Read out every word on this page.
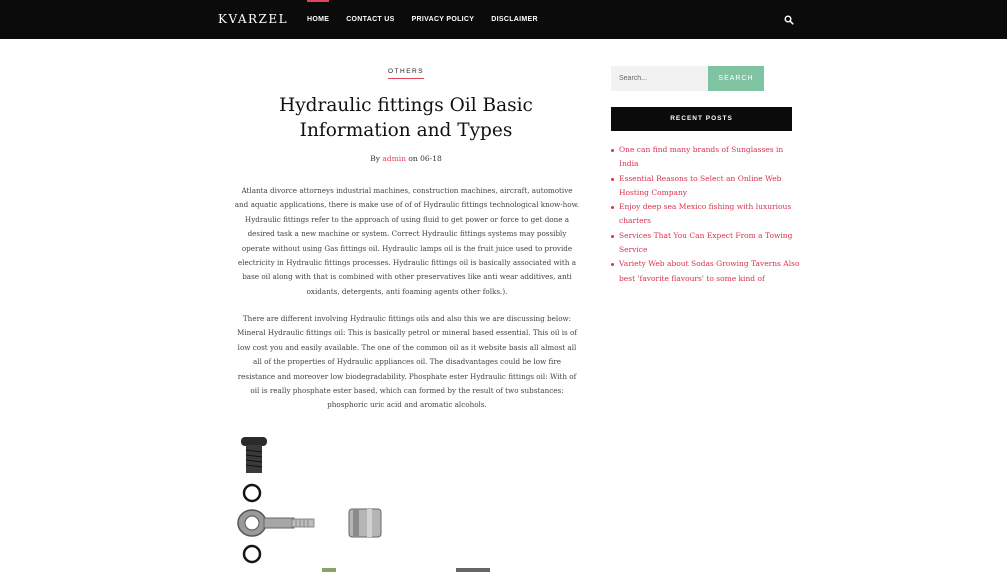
KVARZEL	HOME CONTACT US PRIVACY POLICY DISCLAIMER
OTHERS
Hydraulic fittings Oil Basic
Information and Types
By admin on 06-18

Atlanta divorce attorneys industrial machines, construction machines, aircraft, automotive and aquatic applications, there is make use of of of Hydraulic fittings technological know-how. Hydraulic fittings refer to the approach of using fluid to get power or force to get done a desired task a new machine or system. Correct Hydraulic fittings systems may possibly operate without using Gas fittings oil. Hydraulic lamps oil is the fruit juice used to provide electricity in Hydraulic fittings processes. Hydraulic fittings oil is basically associated with a base oil along with that is combined with other preservatives like anti wear additives, anti oxidants, detergents, anti foaming agents other folks.).

There are different involving Hydraulic fittings oils and also this we are discussing below: Mineral Hydraulic fittings oil: This is basically petrol or mineral based essential. This oil is of low cost you and easily available. The one of the common oil as it website basis all almost all all of the properties of Hydraulic appliances oil. The disadvantages could be low fire resistance and moreover low biodegradability. Phosphate ester Hydraulic fittings oil: With of oil is really phosphate ester based, which can formed by the result of two substances: phosphoric uric acid and aromatic alcohols.

Search...
SEARCH
RECENT POSTS
One can find many brands of Sunglasses in India
Essential Reasons to Select an Online Web Hosting Company
Enjoy deep sea Mexico fishing with luxurious charters
Services That You Can Expect From a Towing Service
Variety Web about Sodas Growing Taverns Also best 'favorite flavours' to some kind of
